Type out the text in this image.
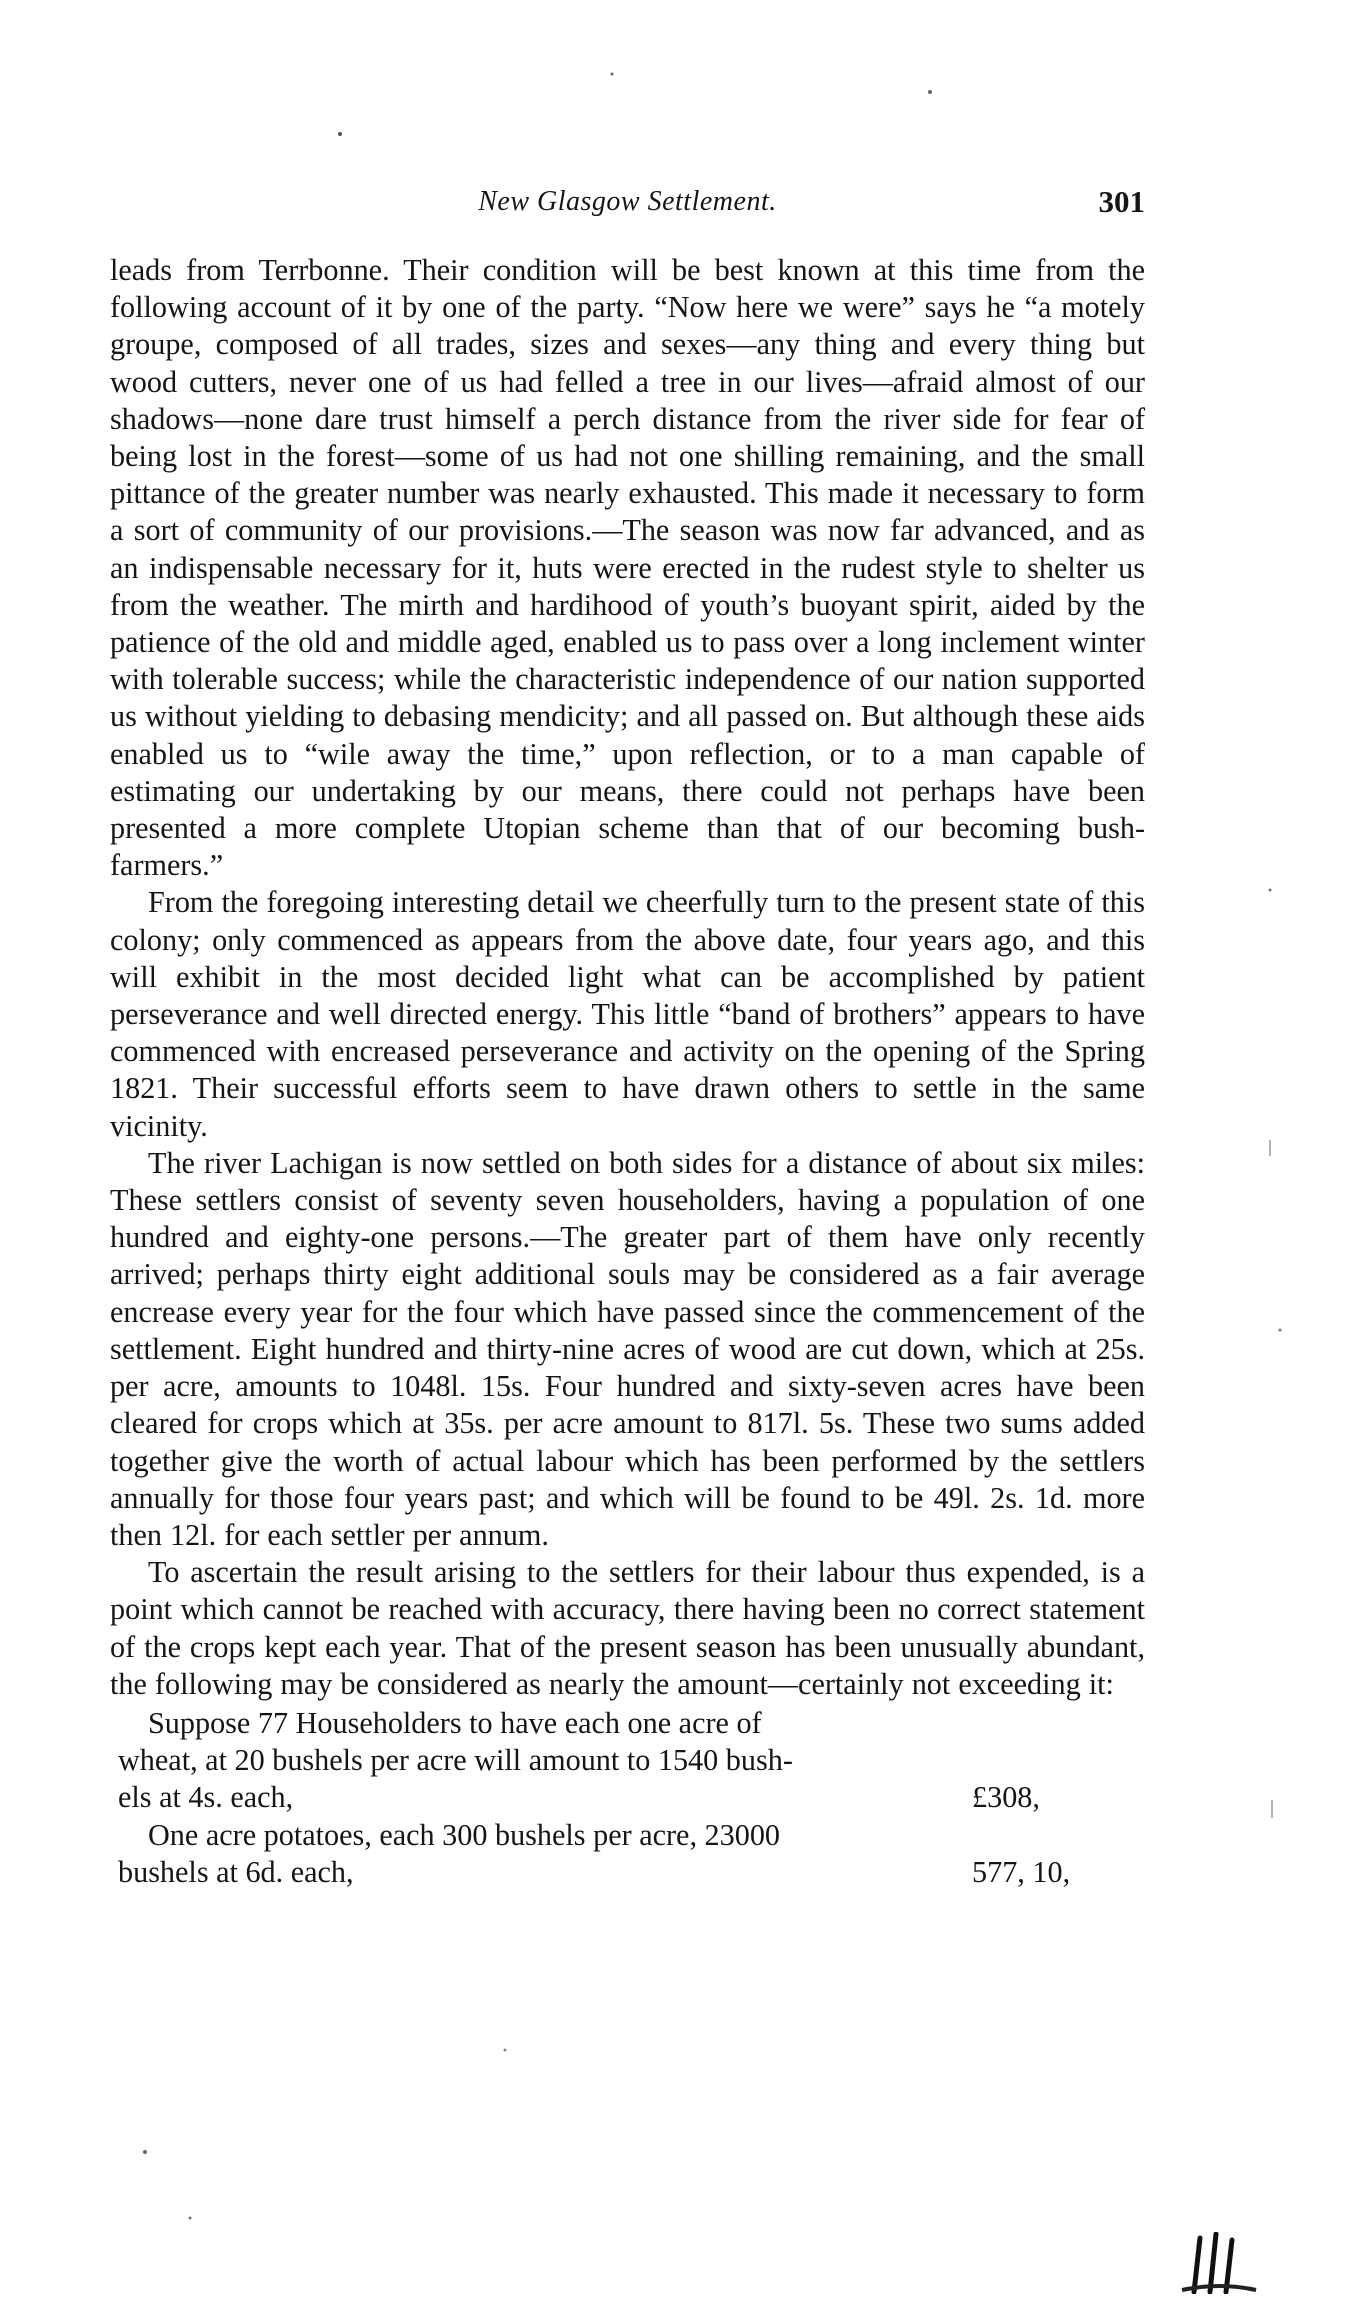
New Glasgow Settlement.	301

leads from Terrbonne. Their condition will be best known at this time from the following account of it by one of the party. “Now here we were” says he “a motely groupe, composed of all trades, sizes and sexes—any thing and every thing but wood cutters, never one of us had felled a tree in our lives—afraid almost of our shadows—none dare trust himself a perch distance from the river side for fear of being lost in the forest—some of us had not one shilling remaining, and the small pittance of the greater number was nearly exhausted. This made it necessary to form a sort of community of our provisions.—The season was now far advanced, and as an indispensable necessary for it, huts were erected in the rudest style to shelter us from the weather. The mirth and hardihood of youth’s buoyant spirit, aided by the patience of the old and middle aged, enabled us to pass over a long inclement winter with tolerable success; while the characteristic independence of our nation supported us without yielding to debasing mendicity; and all passed on. But although these aids enabled us to “wile away the time,” upon reflection, or to a man capable of estimating our undertaking by our means, there could not perhaps have been presented a more complete Utopian scheme than that of our becoming bush-farmers.”

From the foregoing interesting detail we cheerfully turn to the present state of this colony; only commenced as appears from the above date, four years ago, and this will exhibit in the most decided light what can be accomplished by patient perseverance and well directed energy. This little “band of brothers” appears to have commenced with encreased perseverance and activity on the opening of the Spring 1821. Their successful efforts seem to have drawn others to settle in the same vicinity.

The river Lachigan is now settled on both sides for a distance of about six miles: These settlers consist of seventy seven householders, having a population of one hundred and eighty-one persons.—The greater part of them have only recently arrived; perhaps thirty eight additional souls may be considered as a fair average encrease every year for the four which have passed since the commencement of the settlement. Eight hundred and thirty-nine acres of wood are cut down, which at 25s. per acre, amounts to 1048l. 15s. Four hundred and sixty-seven acres have been cleared for crops which at 35s. per acre amount to 817l. 5s. These two sums added together give the worth of actual labour which has been performed by the settlers annually for those four years past; and which will be found to be 49l. 2s. 1d. more then 12l. for each settler per annum.

To ascertain the result arising to the settlers for their labour thus expended, is a point which cannot be reached with accuracy, there having been no correct statement of the crops kept each year. That of the present season has been unusually abundant, the following may be considered as nearly the amount—certainly not exceeding it:

Suppose 77 Householders to have each one acre of
wheat, at 20 bushels per acre will amount to 1540 bush-
els at 4s. each,	£308,
One acre potatoes, each 300 bushels per acre, 23000
bushels at 6d. each,	577, 10,
